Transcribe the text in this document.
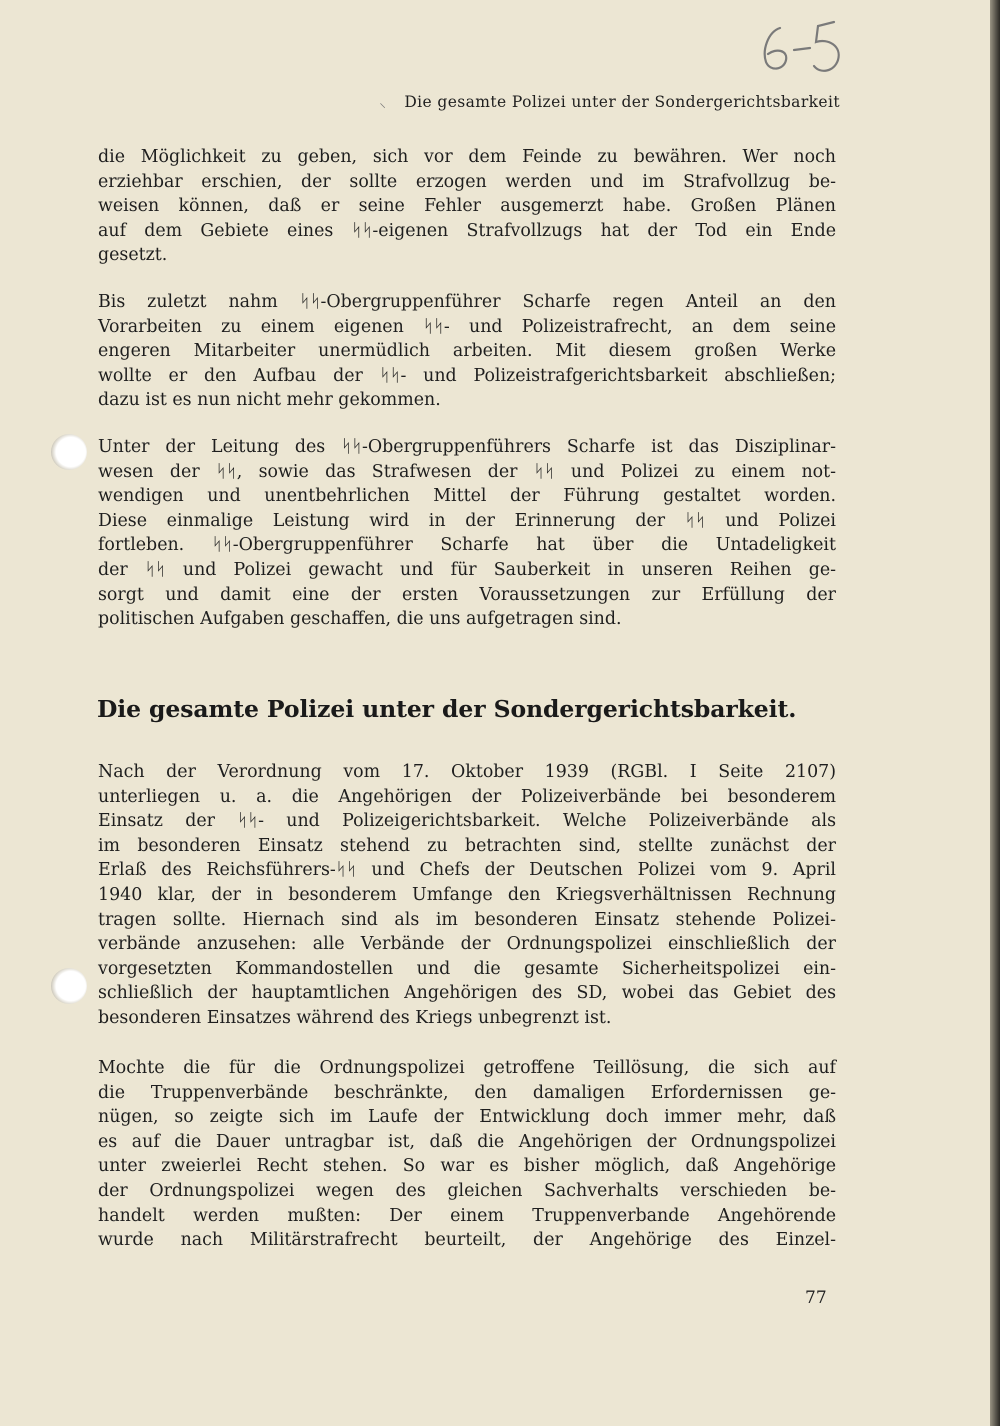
⸜ Die gesamte Polizei unter der Sondergerichtsbarkeit

die Möglichkeit zu geben, sich vor dem Feinde zu bewähren. Wer noch
erziehbar erschien, der sollte erzogen werden und im Strafvollzug be-
weisen können, daß er seine Fehler ausgemerzt habe. Großen Plänen
auf dem Gebiete eines ᛋᛋ-eigenen Strafvollzugs hat der Tod ein Ende
gesetzt.
Bis zuletzt nahm ᛋᛋ-Obergruppenführer Scharfe regen Anteil an den
Vorarbeiten zu einem eigenen ᛋᛋ- und Polizeistrafrecht, an dem seine
engeren Mitarbeiter unermüdlich arbeiten. Mit diesem großen Werke
wollte er den Aufbau der ᛋᛋ- und Polizeistrafgerichtsbarkeit abschließen;
dazu ist es nun nicht mehr gekommen.
Unter der Leitung des ᛋᛋ-Obergruppenführers Scharfe ist das Disziplinar-
wesen der ᛋᛋ, sowie das Strafwesen der ᛋᛋ und Polizei zu einem not-
wendigen und unentbehrlichen Mittel der Führung gestaltet worden.
Diese einmalige Leistung wird in der Erinnerung der ᛋᛋ und Polizei
fortleben. ᛋᛋ-Obergruppenführer Scharfe hat über die Untadeligkeit
der ᛋᛋ und Polizei gewacht und für Sauberkeit in unseren Reihen ge-
sorgt und damit eine der ersten Voraussetzungen zur Erfüllung der
politischen Aufgaben geschaffen, die uns aufgetragen sind.
Die gesamte Polizei unter der Sondergerichtsbarkeit.
Nach der Verordnung vom 17. Oktober 1939 (RGBl. I Seite 2107)
unterliegen u. a. die Angehörigen der Polizeiverbände bei besonderem
Einsatz der ᛋᛋ- und Polizeigerichtsbarkeit. Welche Polizeiverbände als
im besonderen Einsatz stehend zu betrachten sind, stellte zunächst der
Erlaß des Reichsführers-ᛋᛋ und Chefs der Deutschen Polizei vom 9. April
1940 klar, der in besonderem Umfange den Kriegsverhältnissen Rechnung
tragen sollte. Hiernach sind als im besonderen Einsatz stehende Polizei-
verbände anzusehen: alle Verbände der Ordnungspolizei einschließlich der
vorgesetzten Kommandostellen und die gesamte Sicherheitspolizei ein-
schließlich der hauptamtlichen Angehörigen des SD, wobei das Gebiet des
besonderen Einsatzes während des Kriegs unbegrenzt ist.
Mochte die für die Ordnungspolizei getroffene Teillösung, die sich auf
die Truppenverbände beschränkte, den damaligen Erfordernissen ge-
nügen, so zeigte sich im Laufe der Entwicklung doch immer mehr, daß
es auf die Dauer untragbar ist, daß die Angehörigen der Ordnungspolizei
unter zweierlei Recht stehen. So war es bisher möglich, daß Angehörige
der Ordnungspolizei wegen des gleichen Sachverhalts verschieden be-
handelt werden mußten: Der einem Truppenverbande Angehörende
wurde nach Militärstrafrecht beurteilt, der Angehörige des Einzel-

77
